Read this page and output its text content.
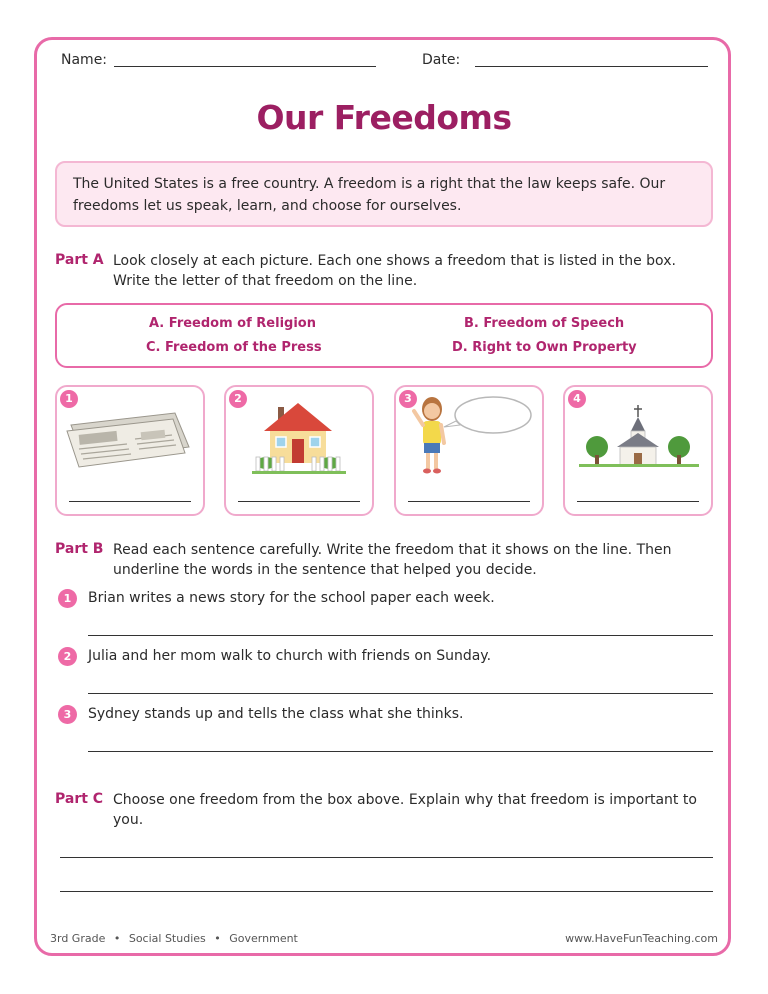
Name:	Date:
Our Freedoms
The United States is a free country. A freedom is a right that the law keeps safe. Our freedoms let us speak, learn, and choose for ourselves.
Part A Look closely at each picture. Each one shows a freedom that is listed in the box.
Write the letter of that freedom on the line.
A. Freedom of Religion	B. Freedom of Speech
C. Freedom of the Press	D. Right to Own Property
1	2	3	4
Part B Read each sentence carefully. Write the freedom that it shows on the line. Then
underline the words in the sentence that helped you decide.
1	Brian writes a news story for the school paper each week.
2	Julia and her mom walk to church with friends on Sunday.
3	Sydney stands up and tells the class what she thinks.
Part C Choose one freedom from the box above. Explain why that freedom is important to
you.
3rd Grade • Social Studies • Government	www.HaveFunTeaching.com
